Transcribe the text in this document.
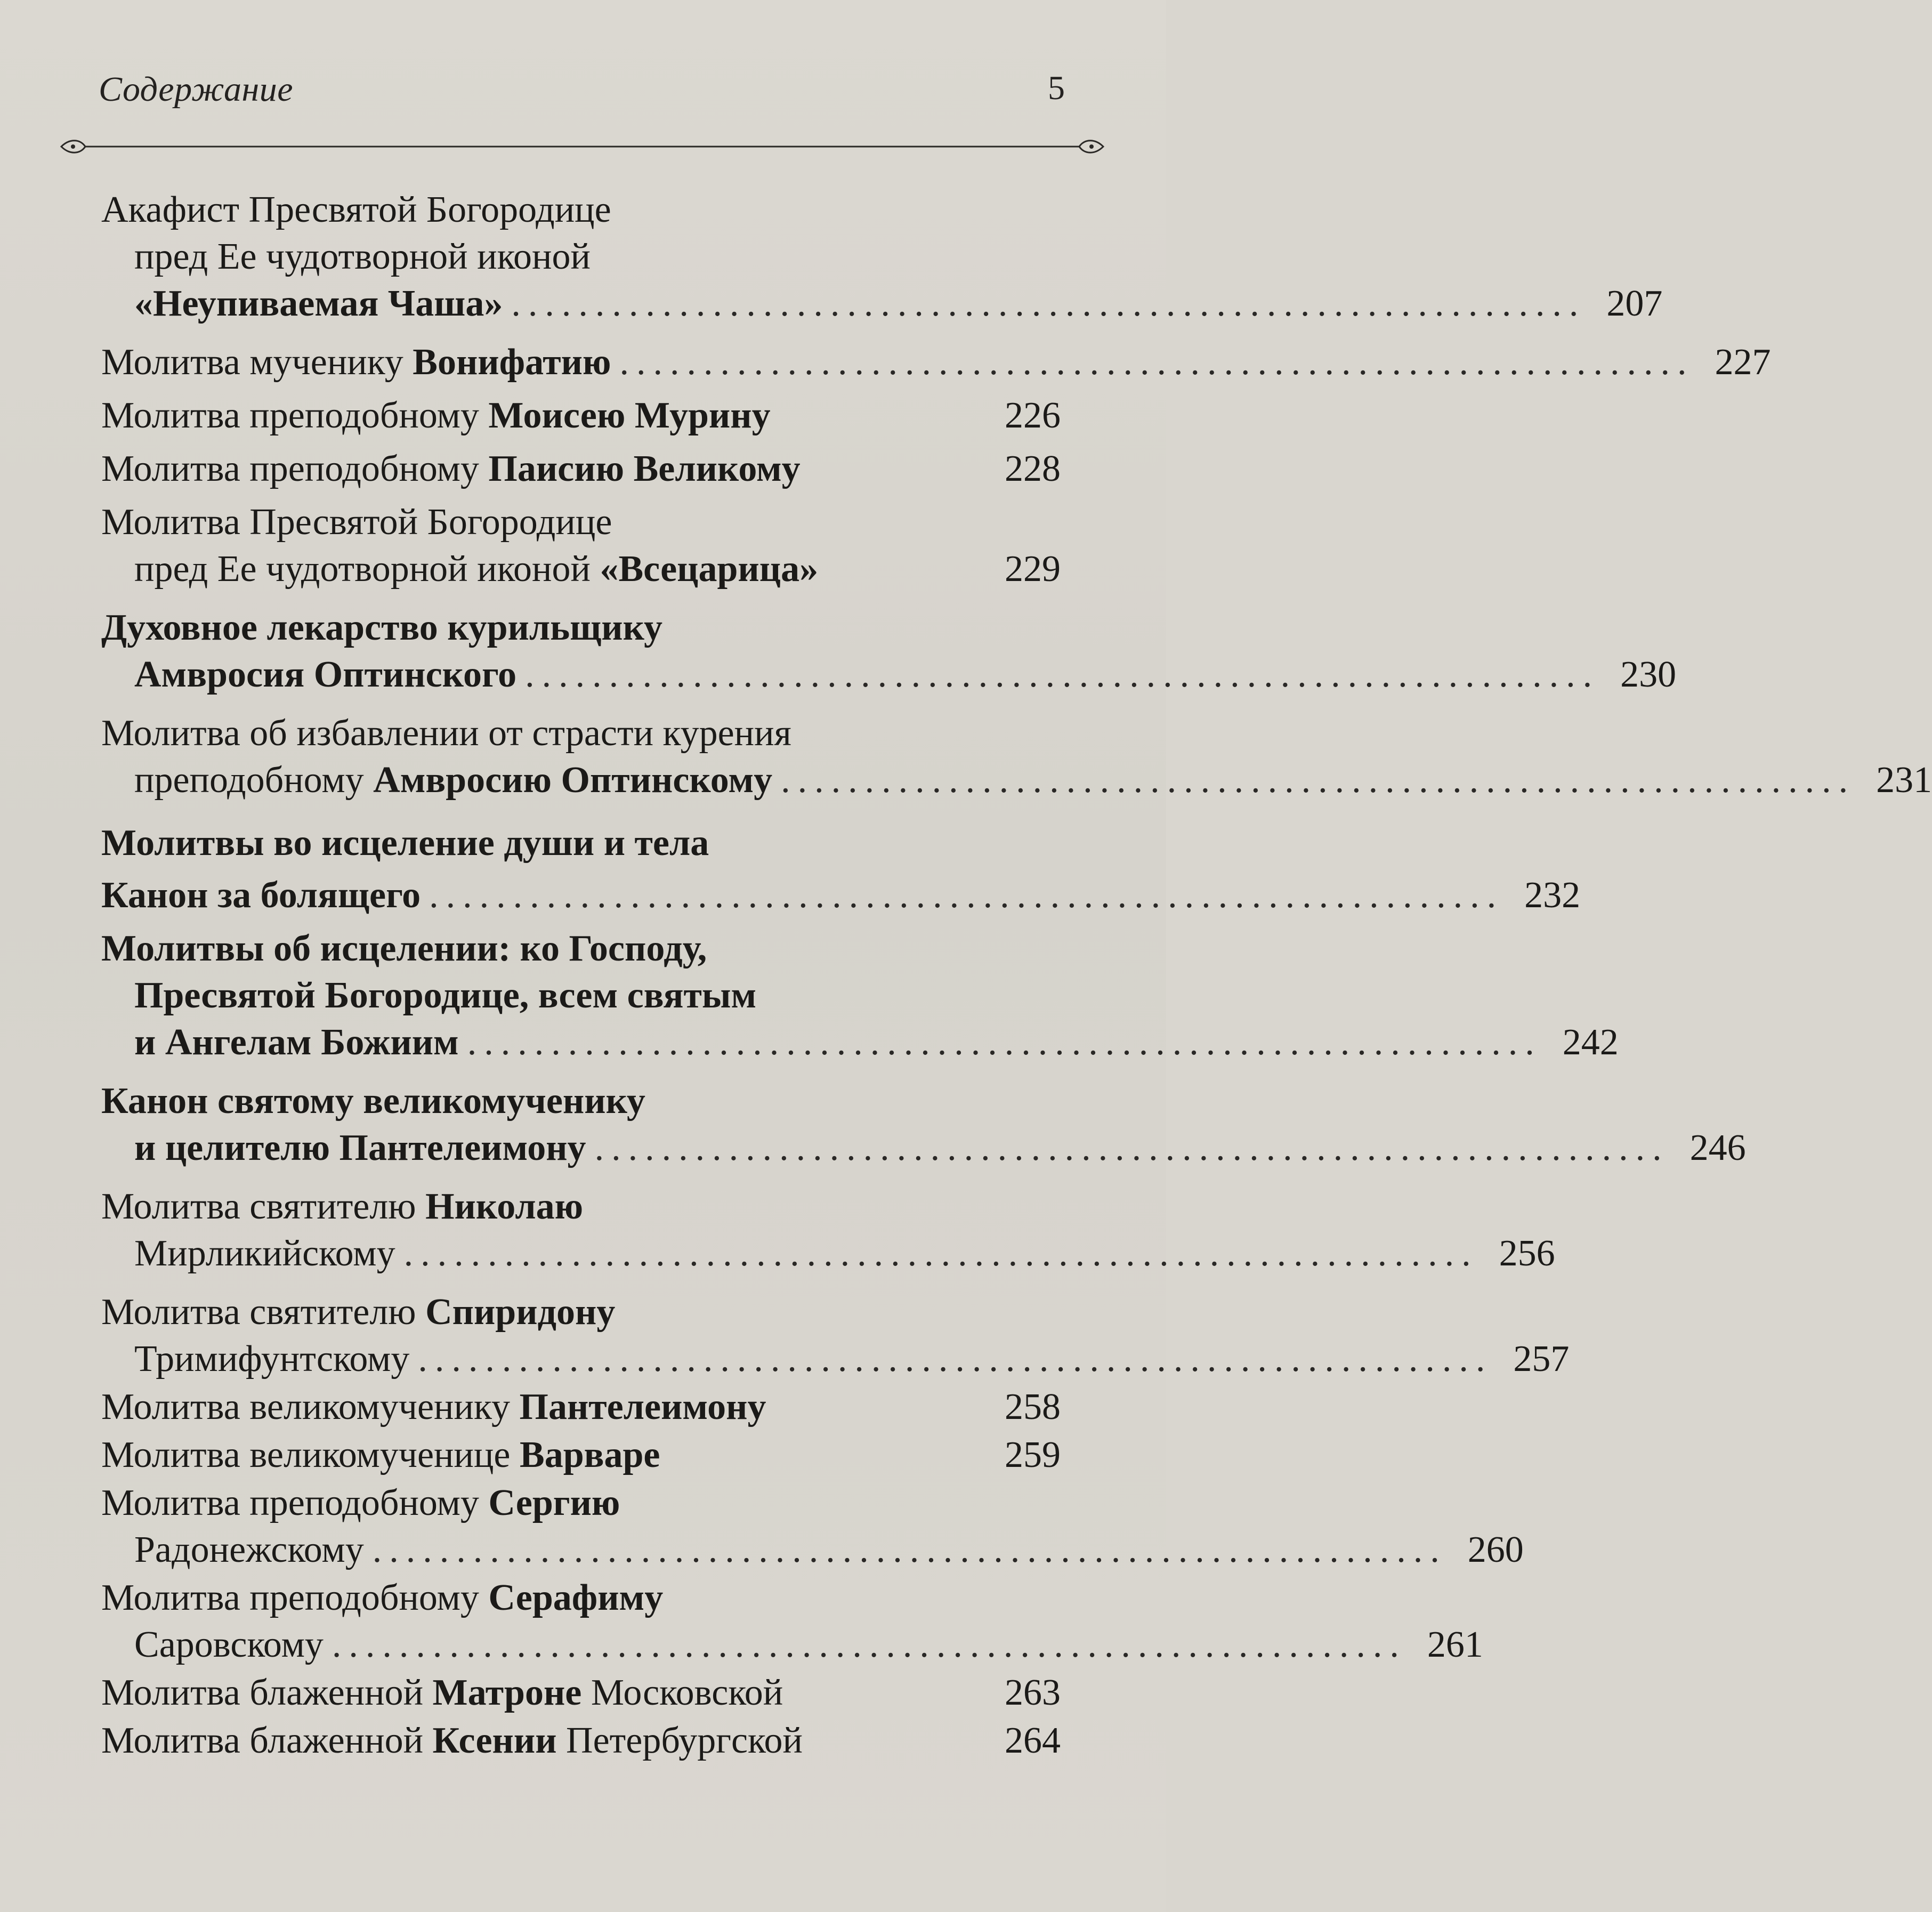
Содержание	5
Акафист Пресвятой Богородице
пред Ее чудотворной иконой
«Неупиваемая Чаша» ................................................................ 207
Молитва мученику Вонифатию ................................................................ 227
Молитва преподобному Моисею Мурину	226
Молитва преподобному Паисию Великому	228
Молитва Пресвятой Богородице
пред Ее чудотворной иконой «Всецарица»	229
Духовное лекарство курильщику
Амвросия Оптинского ................................................................ 230
Молитва об избавлении от страсти курения
преподобному Амвросию Оптинскому ................................................................ 231
Молитвы во исцеление души и тела
Канон за болящего ................................................................ 232
Молитвы об исцелении: ко Господу,
Пресвятой Богородице, всем святым
и Ангелам Божиим ................................................................ 242
Канон святому великомученику
и целителю Пантелеимону ................................................................ 246
Молитва святителю Николаю
Мирликийскому ................................................................ 256
Молитва святителю Спиридону
Тримифунтскому ................................................................ 257
Молитва великомученику Пантелеимону	258
Молитва великомученице Варваре	259
Молитва преподобному Сергию
Радонежскому ................................................................ 260
Молитва преподобному Серафиму
Саровскому ................................................................ 261
Молитва блаженной Матроне Московской	263
Молитва блаженной Ксении Петербургской	264
